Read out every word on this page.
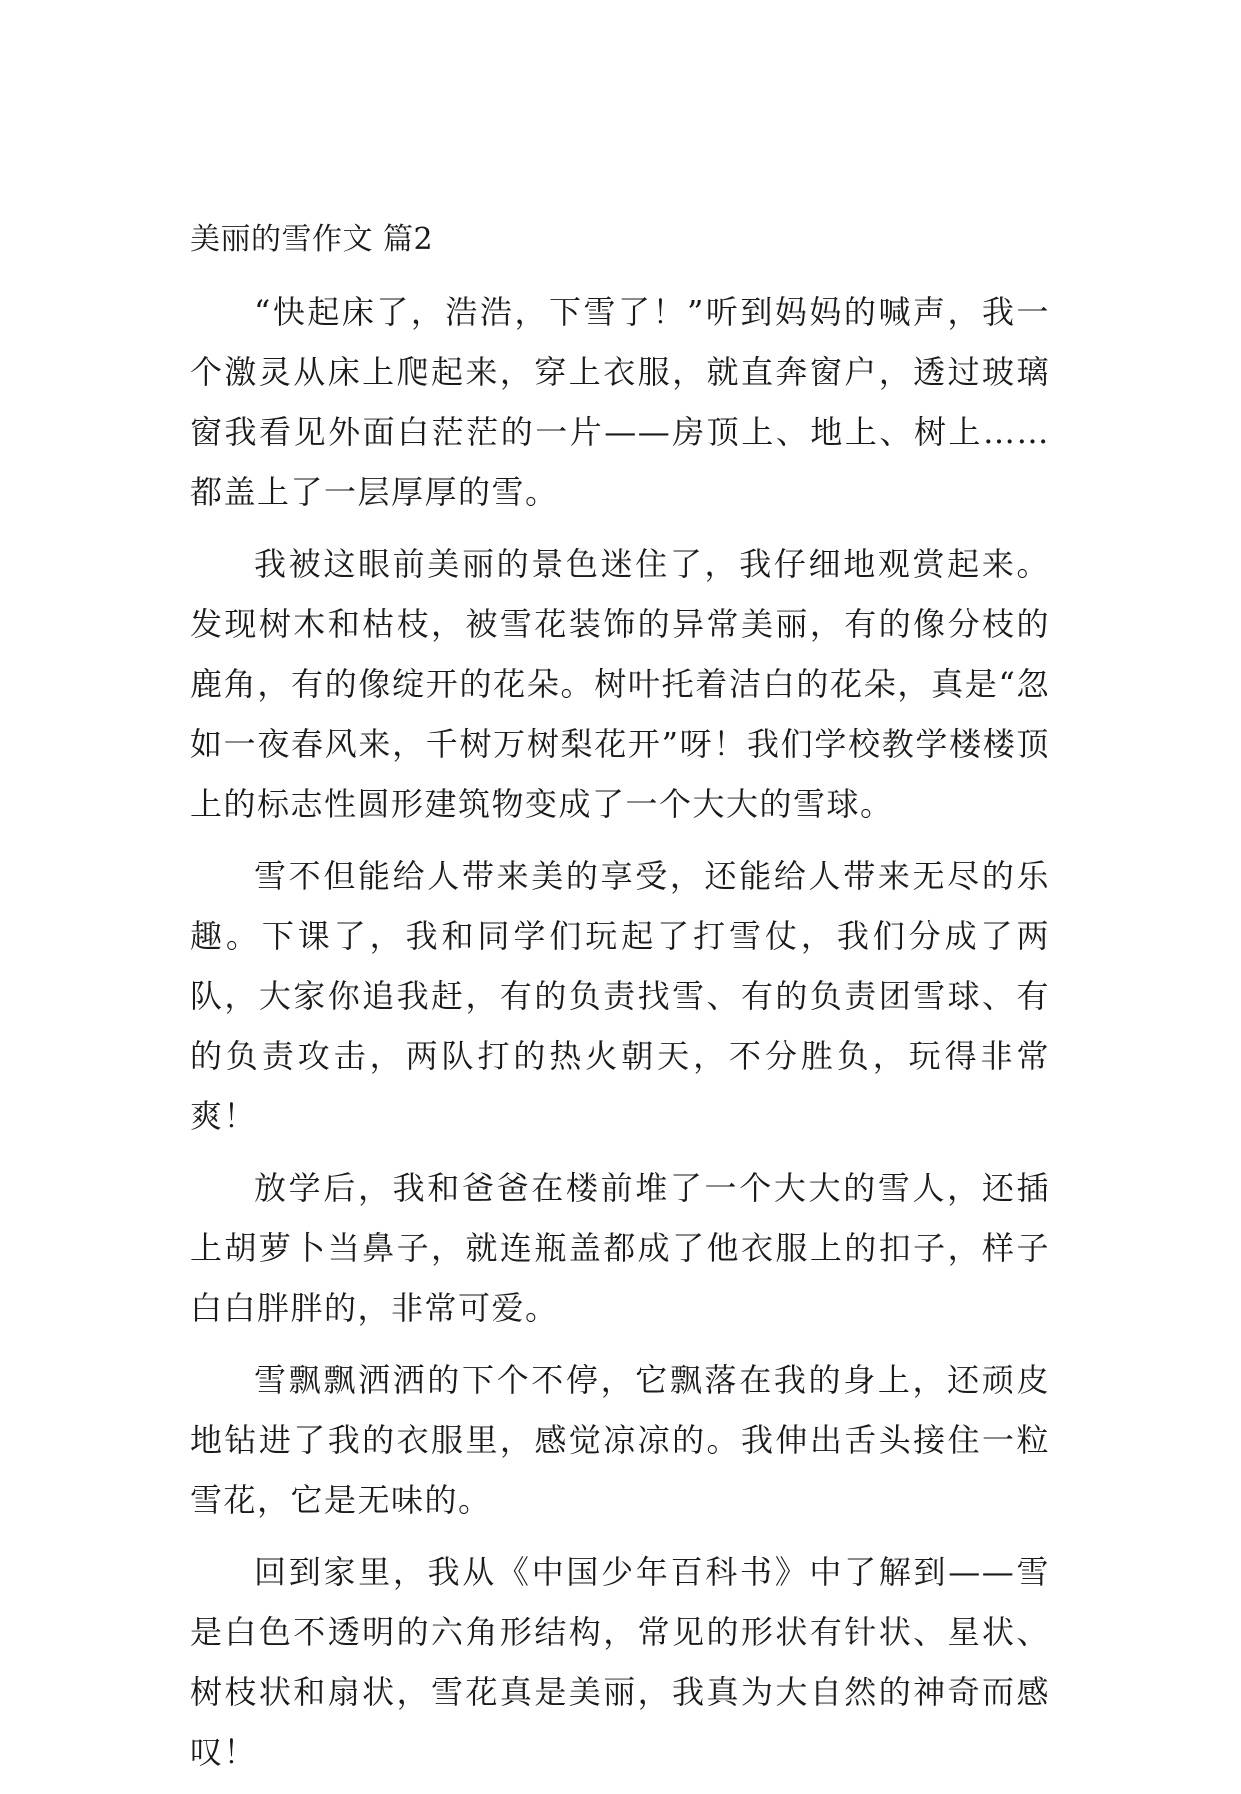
美丽的雪作文 篇2

“快起床了，浩浩，下雪了！”听到妈妈的喊声，我一个激灵从床上爬起来，穿上衣服，就直奔窗户，透过玻璃窗我看见外面白茫茫的一片——房顶上、地上、树上……都盖上了一层厚厚的雪。

我被这眼前美丽的景色迷住了，我仔细地观赏起来。发现树木和枯枝，被雪花装饰的异常美丽，有的像分枝的鹿角，有的像绽开的花朵。树叶托着洁白的花朵，真是“忽如一夜春风来，千树万树梨花开”呀！我们学校教学楼楼顶上的标志性圆形建筑物变成了一个大大的雪球。

雪不但能给人带来美的享受，还能给人带来无尽的乐趣。下课了，我和同学们玩起了打雪仗，我们分成了两队，大家你追我赶，有的负责找雪、有的负责团雪球、有的负责攻击，两队打的热火朝天，不分胜负，玩得非常爽！

放学后，我和爸爸在楼前堆了一个大大的雪人，还插上胡萝卜当鼻子，就连瓶盖都成了他衣服上的扣子，样子白白胖胖的，非常可爱。

雪飘飘洒洒的下个不停，它飘落在我的身上，还顽皮地钻进了我的衣服里，感觉凉凉的。我伸出舌头接住一粒雪花，它是无味的。

回到家里，我从《中国少年百科书》中了解到——雪是白色不透明的六角形结构，常见的形状有针状、星状、树枝状和扇状，雪花真是美丽，我真为大自然的神奇而感叹！
